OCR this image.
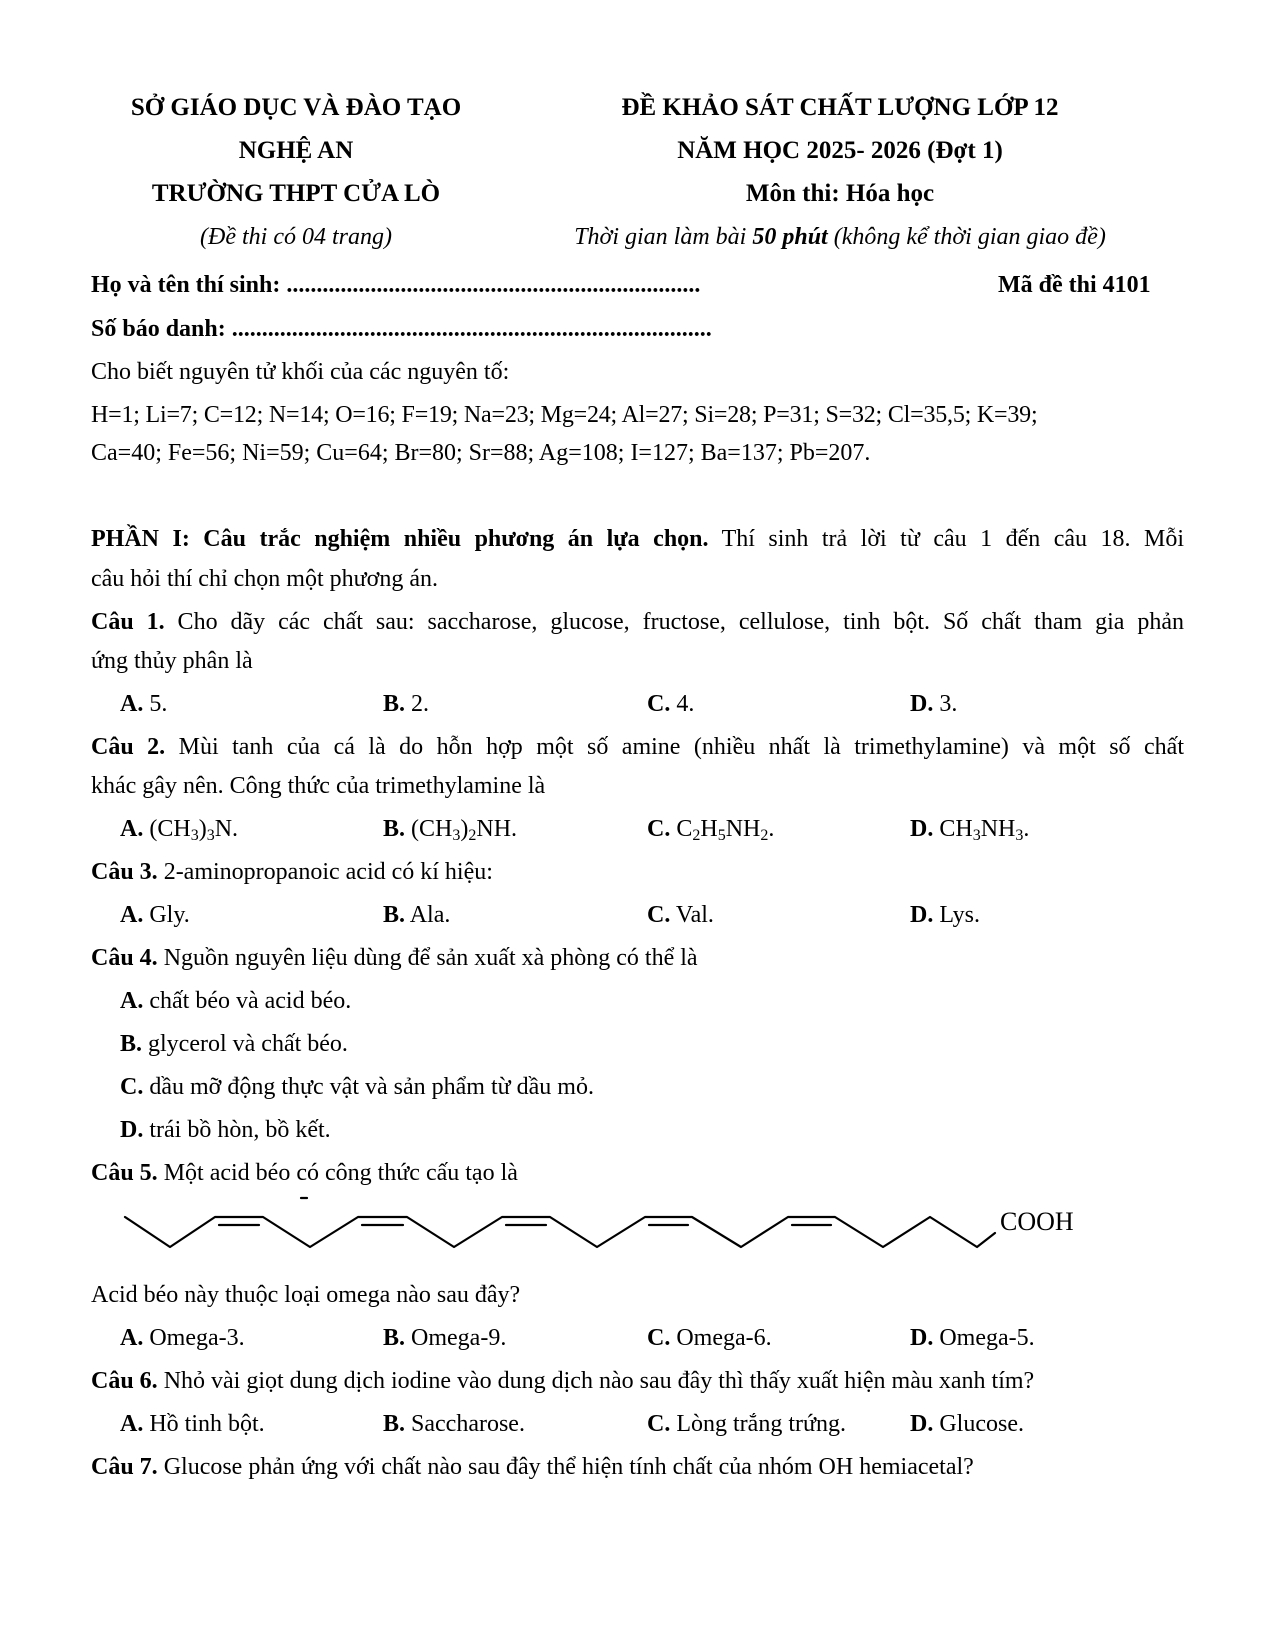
SỞ GIÁO DỤC VÀ ĐÀO TẠO
NGHỆ AN
TRƯỜNG THPT CỬA LÒ
(Đề thi có 04 trang)
ĐỀ KHẢO SÁT CHẤT LƯỢNG LỚP 12
NĂM HỌC 2025- 2026 (Đợt 1)
Môn thi: Hóa học
Thời gian làm bài 50 phút (không kể thời gian giao đề)
Họ và tên thí sinh: .....................................................................	Mã đề thi 4101
Số báo danh: ................................................................................
Cho biết nguyên tử khối của các nguyên tố:
H=1; Li=7; C=12; N=14; O=16; F=19; Na=23; Mg=24; Al=27; Si=28; P=31; S=32; Cl=35,5; K=39;
Ca=40; Fe=56; Ni=59; Cu=64; Br=80; Sr=88; Ag=108; I=127; Ba=137; Pb=207.
PHẦN I: Câu trắc nghiệm nhiều phương án lựa chọn. Thí sinh trả lời từ câu 1 đến câu 18. Mỗi
câu hỏi thí chỉ chọn một phương án.
Câu 1. Cho dãy các chất sau: saccharose, glucose, fructose, cellulose, tinh bột. Số chất tham gia phản
ứng thủy phân là
A. 5.	B. 2.	C. 4.	D. 3.
Câu 2. Mùi tanh của cá là do hỗn hợp một số amine (nhiều nhất là trimethylamine) và một số chất
khác gây nên. Công thức của trimethylamine là
A. $(CH_3)_3N$.	B. $(CH_3)_2NH$.	C. $C_2H_5NH_2$.	D. $CH_3NH_3$.
Câu 3. 2-aminopropanoic acid có kí hiệu:
A. Gly.	B. Ala.	C. Val.	D. Lys.
Câu 4. Nguồn nguyên liệu dùng để sản xuất xà phòng có thể là
A. chất béo và acid béo.
B. glycerol và chất béo.
C. dầu mỡ động thực vật và sản phẩm từ dầu mỏ.
D. trái bồ hòn, bồ kết.
Câu 5. Một acid béo có công thức cấu tạo là
COOH
Acid béo này thuộc loại omega nào sau đây?
A. Omega-3.	B. Omega-9.	C. Omega-6.	D. Omega-5.
Câu 6. Nhỏ vài giọt dung dịch iodine vào dung dịch nào sau đây thì thấy xuất hiện màu xanh tím?
A. Hồ tinh bột.	B. Saccharose.	C. Lòng trắng trứng.	D. Glucose.
Câu 7. Glucose phản ứng với chất nào sau đây thể hiện tính chất của nhóm OH hemiacetal?
